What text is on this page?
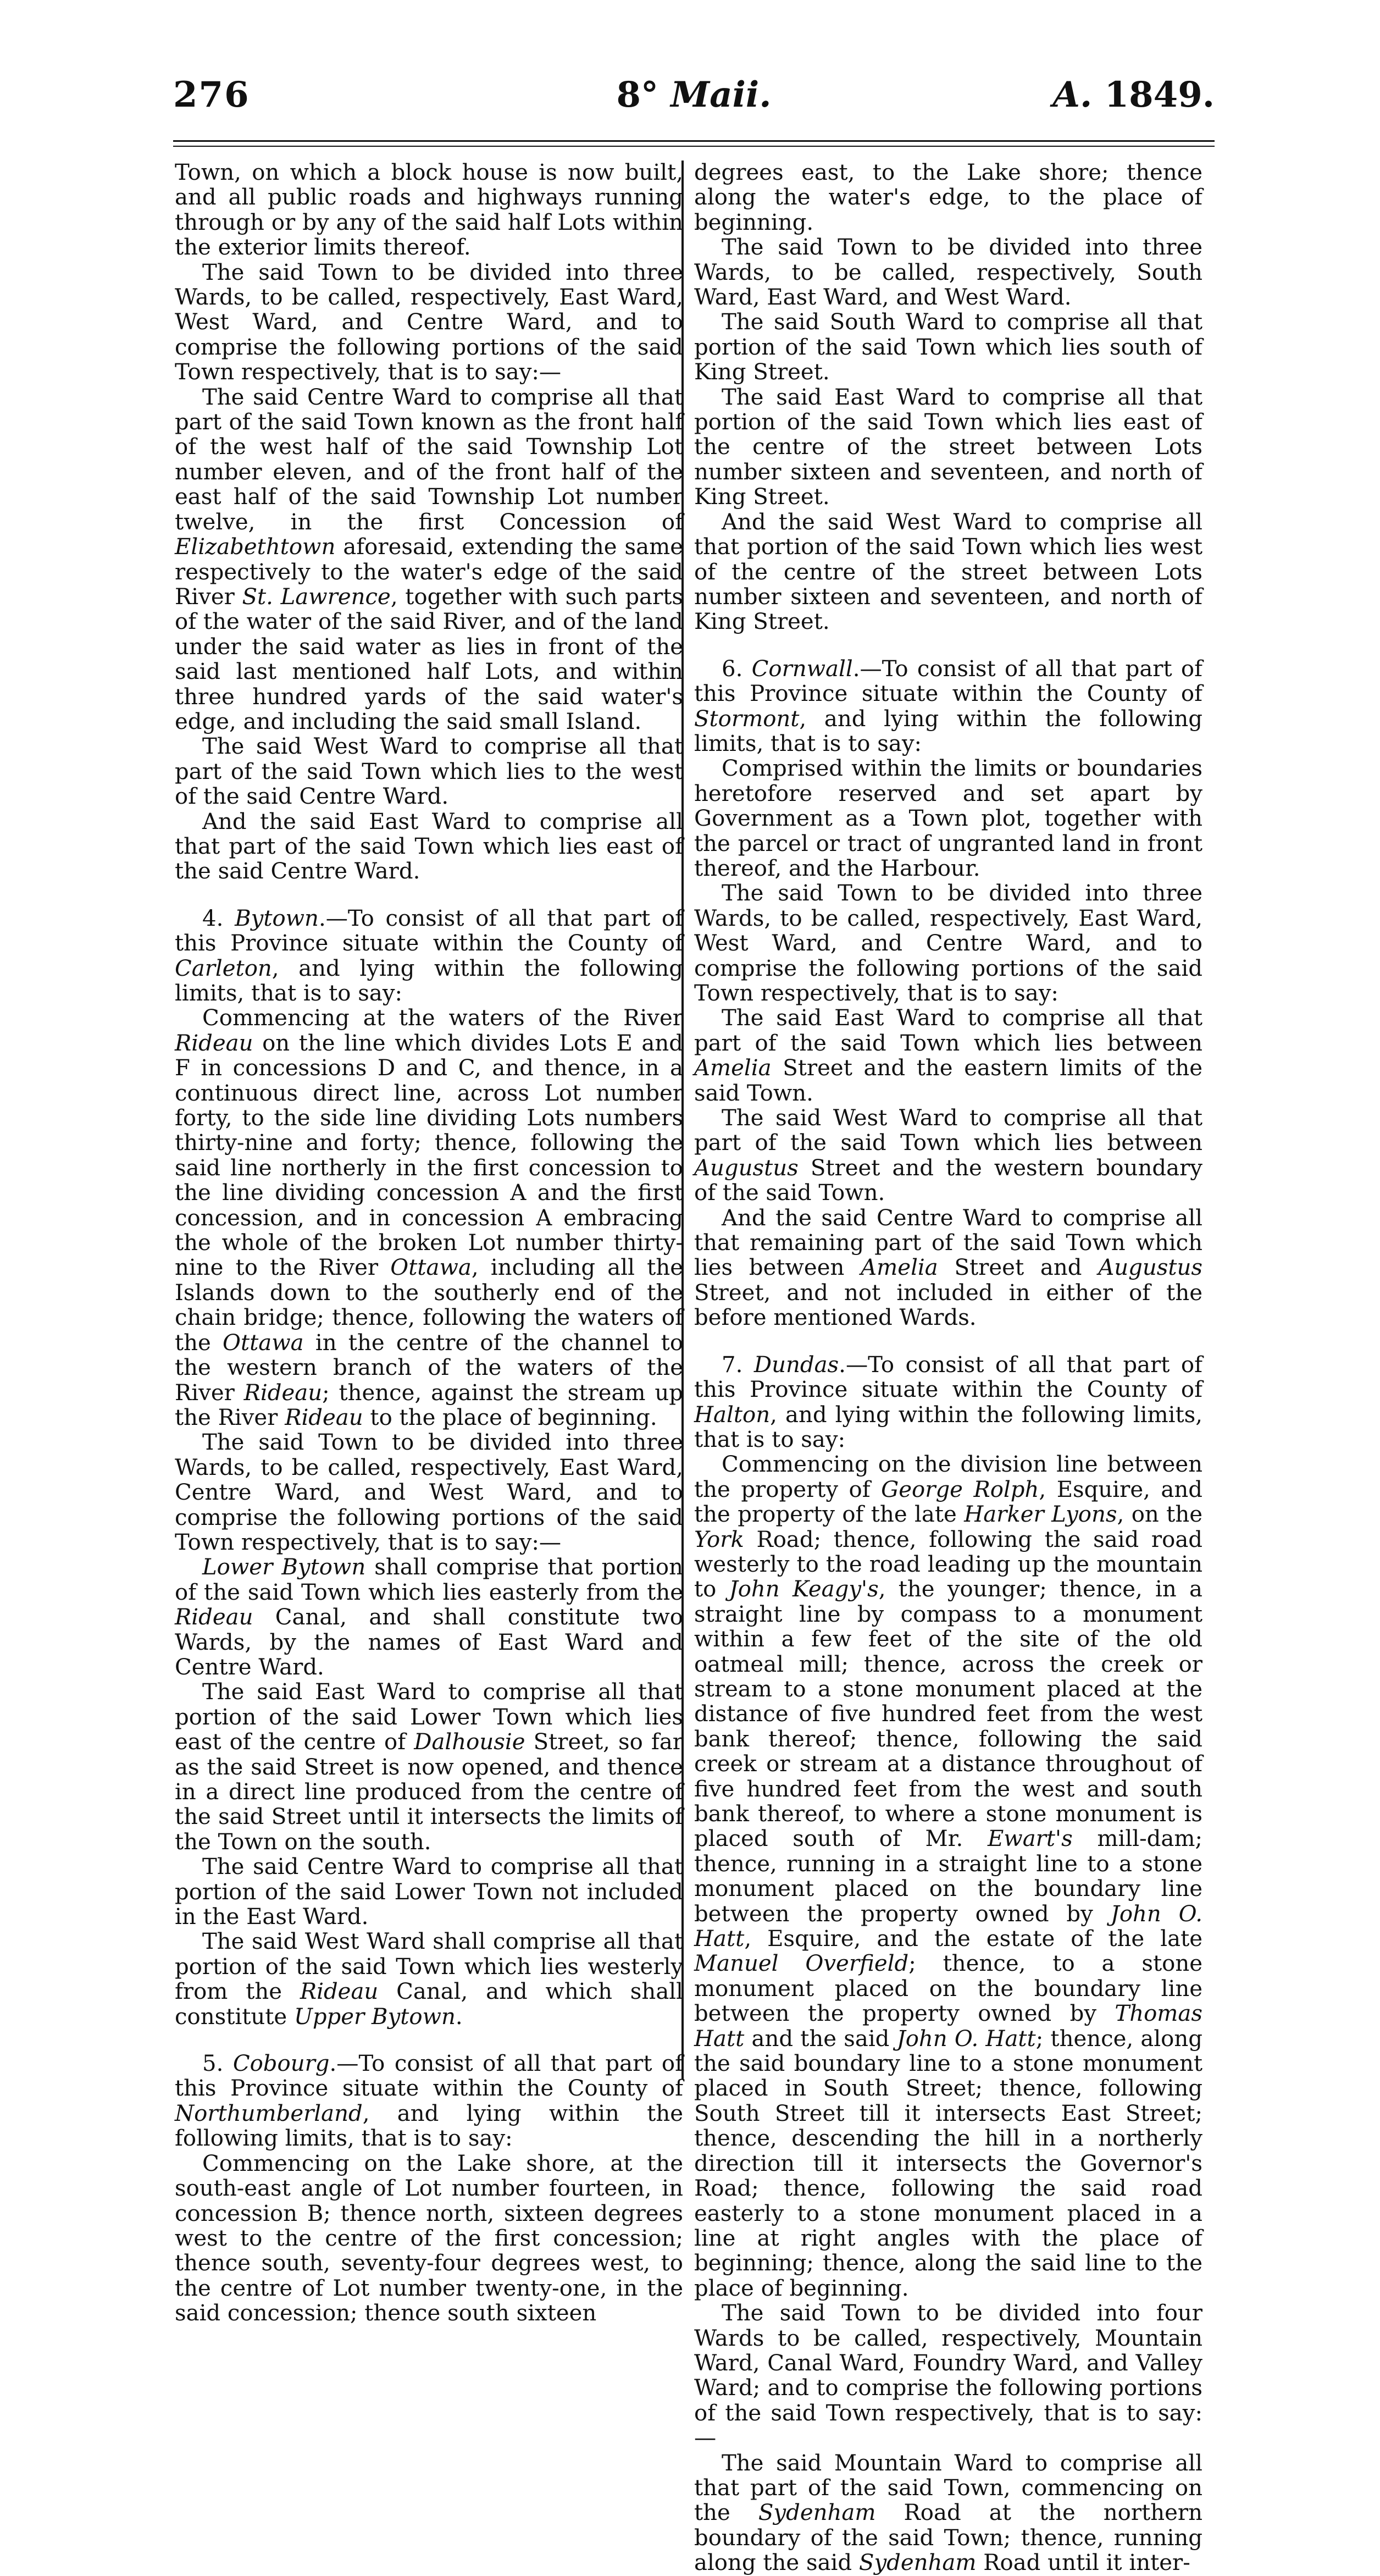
276	8° Maii.	A. 1849.

Town, on which a block house is now built, and all public roads and highways running through or by any of the said half Lots within the exterior limits thereof.

The said Town to be divided into three Wards, to be called, respectively, East Ward, West Ward, and Centre Ward, and to comprise the following portions of the said Town respectively, that is to say:—

The said Centre Ward to comprise all that part of the said Town known as the front half of the west half of the said Township Lot number eleven, and of the front half of the east half of the said Township Lot number twelve, in the first Concession of Elizabethtown aforesaid, extending the same respectively to the water's edge of the said River St. Lawrence, together with such parts of the water of the said River, and of the land under the said water as lies in front of the said last mentioned half Lots, and within three hundred yards of the said water's edge, and including the said small Island.

The said West Ward to comprise all that part of the said Town which lies to the west of the said Centre Ward.

And the said East Ward to comprise all that part of the said Town which lies east of the said Centre Ward.

4. Bytown.—To consist of all that part of this Province situate within the County of Carleton, and lying within the following limits, that is to say:

Commencing at the waters of the River Rideau on the line which divides Lots E and F in concessions D and C, and thence, in a continuous direct line, across Lot number forty, to the side line dividing Lots numbers thirty-nine and forty; thence, following the said line northerly in the first concession to the line dividing concession A and the first concession, and in concession A embracing the whole of the broken Lot number thirty-nine to the River Ottawa, including all the Islands down to the southerly end of the chain bridge; thence, following the waters of the Ottawa in the centre of the channel to the western branch of the waters of the River Rideau; thence, against the stream up the River Rideau to the place of beginning.

The said Town to be divided into three Wards, to be called, respectively, East Ward, Centre Ward, and West Ward, and to comprise the following portions of the said Town respectively, that is to say:—

Lower Bytown shall comprise that portion of the said Town which lies easterly from the Rideau Canal, and shall constitute two Wards, by the names of East Ward and Centre Ward.

The said East Ward to comprise all that portion of the said Lower Town which lies east of the centre of Dalhousie Street, so far as the said Street is now opened, and thence in a direct line produced from the centre of the said Street until it intersects the limits of the Town on the south.

The said Centre Ward to comprise all that portion of the said Lower Town not included in the East Ward.

The said West Ward shall comprise all that portion of the said Town which lies westerly from the Rideau Canal, and which shall constitute Upper Bytown.

5. Cobourg.—To consist of all that part of this Province situate within the County of Northumberland, and lying within the following limits, that is to say:

Commencing on the Lake shore, at the south-east angle of Lot number fourteen, in concession B; thence north, sixteen degrees west to the centre of the first concession; thence south, seventy-four degrees west, to the centre of Lot number twenty-one, in the said concession; thence south sixteen

degrees east, to the Lake shore; thence along the water's edge, to the place of beginning.

The said Town to be divided into three Wards, to be called, respectively, South Ward, East Ward, and West Ward.

The said South Ward to comprise all that portion of the said Town which lies south of King Street.

The said East Ward to comprise all that portion of the said Town which lies east of the centre of the street between Lots number sixteen and seventeen, and north of King Street.

And the said West Ward to comprise all that portion of the said Town which lies west of the centre of the street between Lots number sixteen and seventeen, and north of King Street.

6. Cornwall.—To consist of all that part of this Province situate within the County of Stormont, and lying within the following limits, that is to say:

Comprised within the limits or boundaries heretofore reserved and set apart by Government as a Town plot, together with the parcel or tract of ungranted land in front thereof, and the Harbour.

The said Town to be divided into three Wards, to be called, respectively, East Ward, West Ward, and Centre Ward, and to comprise the following portions of the said Town respectively, that is to say:

The said East Ward to comprise all that part of the said Town which lies between Amelia Street and the eastern limits of the said Town.

The said West Ward to comprise all that part of the said Town which lies between Augustus Street and the western boundary of the said Town.

And the said Centre Ward to comprise all that remaining part of the said Town which lies between Amelia Street and Augustus Street, and not included in either of the before mentioned Wards.

7. Dundas.—To consist of all that part of this Province situate within the County of Halton, and lying within the following limits, that is to say:

Commencing on the division line between the property of George Rolph, Esquire, and the property of the late Harker Lyons, on the York Road; thence, following the said road westerly to the road leading up the mountain to John Keagy's, the younger; thence, in a straight line by compass to a monument within a few feet of the site of the old oatmeal mill; thence, across the creek or stream to a stone monument placed at the distance of five hundred feet from the west bank thereof; thence, following the said creek or stream at a distance throughout of five hundred feet from the west and south bank thereof, to where a stone monument is placed south of Mr. Ewart's mill-dam; thence, running in a straight line to a stone monument placed on the boundary line between the property owned by John O. Hatt, Esquire, and the estate of the late Manuel Overfield; thence, to a stone monument placed on the boundary line between the property owned by Thomas Hatt and the said John O. Hatt; thence, along the said boundary line to a stone monument placed in South Street; thence, following South Street till it intersects East Street; thence, descending the hill in a northerly direction till it intersects the Governor's Road; thence, following the said road easterly to a stone monument placed in a line at right angles with the place of beginning; thence, along the said line to the place of beginning.

The said Town to be divided into four Wards to be called, respectively, Mountain Ward, Canal Ward, Foundry Ward, and Valley Ward; and to comprise the following portions of the said Town respectively, that is to say:—

The said Mountain Ward to comprise all that part of the said Town, commencing on the Sydenham Road at the northern boundary of the said Town; thence, running along the said Sydenham Road until it inter-
